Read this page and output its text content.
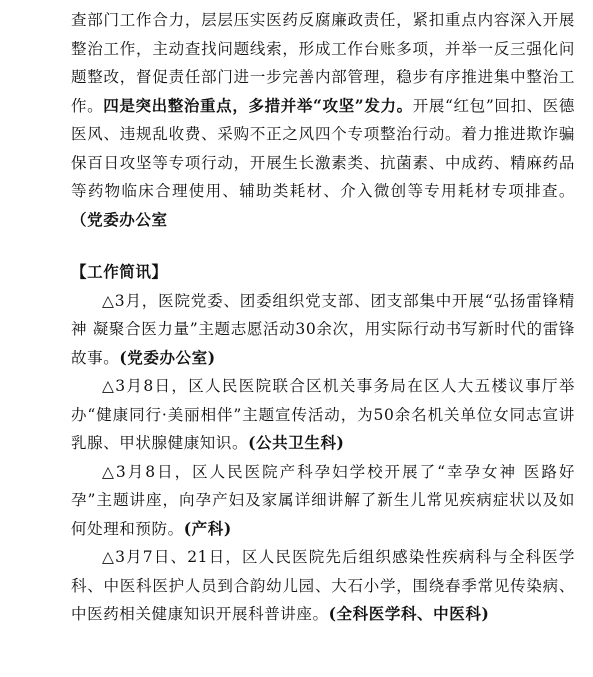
查部门工作合力，层层压实医药反腐廉政责任，紧扣重点内容深入开展整治工作，主动查找问题线索，形成工作台账多项，并举一反三强化问题整改，督促责任部门进一步完善内部管理，稳步有序推进集中整治工作。四是突出整治重点，多措并举“攻坚”发力。开展“红包”回扣、医德医风、违规乱收费、采购不正之风四个专项整治行动。着力推进欺诈骗保百日攻坚等专项行动，开展生长激素类、抗菌素、中成药、精麻药品等药物临床合理使用、辅助类耗材、介入微创等专用耗材专项排查。（党委办公室

【工作简讯】

△3月，医院党委、团委组织党支部、团支部集中开展“弘扬雷锋精神 凝聚合医力量”主题志愿活动30余次，用实际行动书写新时代的雷锋故事。(党委办公室)

△3月8日，区人民医院联合区机关事务局在区人大五楼议事厅举办“健康同行·美丽相伴”主题宣传活动，为50余名机关单位女同志宣讲乳腺、甲状腺健康知识。(公共卫生科)

△3月8日，区人民医院产科孕妇学校开展了“幸孕女神 医路好孕”主题讲座，向孕产妇及家属详细讲解了新生儿常见疾病症状以及如何处理和预防。(产科)

△3月7日、21日，区人民医院先后组织感染性疾病科与全科医学科、中医科医护人员到合韵幼儿园、大石小学，围绕春季常见传染病、中医药相关健康知识开展科普讲座。(全科医学科、中医科)
